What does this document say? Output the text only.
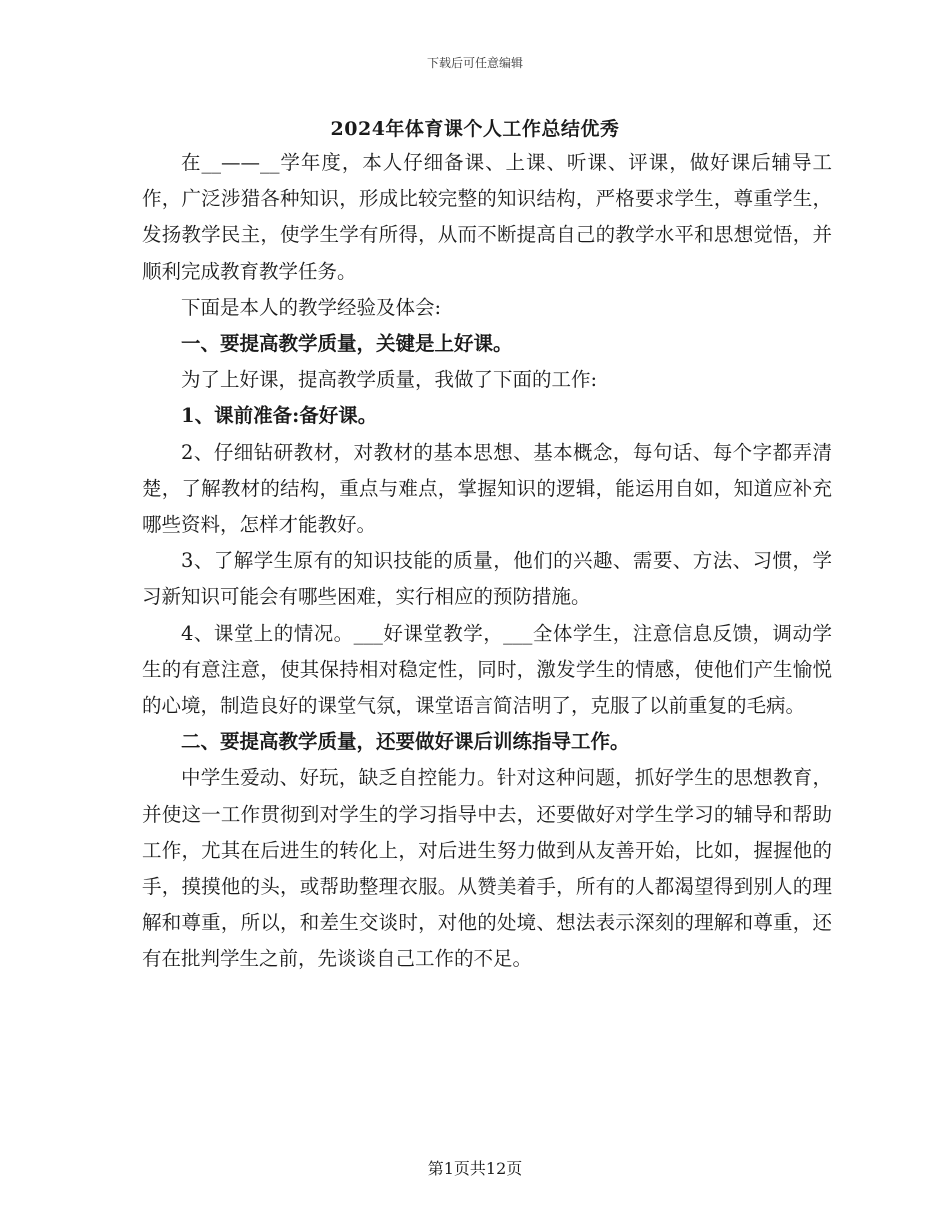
下载后可任意编辑
2024年体育课个人工作总结优秀

在__——__学年度，本人仔细备课、上课、听课、评课，做好课后辅导工作，广泛涉猎各种知识，形成比较完整的知识结构，严格要求学生，尊重学生，发扬教学民主，使学生学有所得，从而不断提高自己的教学水平和思想觉悟，并顺利完成教育教学任务。

下面是本人的教学经验及体会:

一、要提高教学质量，关键是上好课。

为了上好课，提高教学质量，我做了下面的工作:

1、课前准备:备好课。

2、仔细钻研教材，对教材的基本思想、基本概念，每句话、每个字都弄清楚，了解教材的结构，重点与难点，掌握知识的逻辑，能运用自如，知道应补充哪些资料，怎样才能教好。

3、了解学生原有的知识技能的质量，他们的兴趣、需要、方法、习惯，学习新知识可能会有哪些困难，实行相应的预防措施。

4、课堂上的情况。___好课堂教学，___全体学生，注意信息反馈，调动学生的有意注意，使其保持相对稳定性，同时，激发学生的情感，使他们产生愉悦的心境，制造良好的课堂气氛，课堂语言简洁明了，克服了以前重复的毛病。

二、要提高教学质量，还要做好课后训练指导工作。

中学生爱动、好玩，缺乏自控能力。针对这种问题，抓好学生的思想教育，并使这一工作贯彻到对学生的学习指导中去，还要做好对学生学习的辅导和帮助工作，尤其在后进生的转化上，对后进生努力做到从友善开始，比如，握握他的手，摸摸他的头，或帮助整理衣服。从赞美着手，所有的人都渴望得到别人的理解和尊重，所以，和差生交谈时，对他的处境、想法表示深刻的理解和尊重，还有在批判学生之前，先谈谈自己工作的不足。

第1页共12页
